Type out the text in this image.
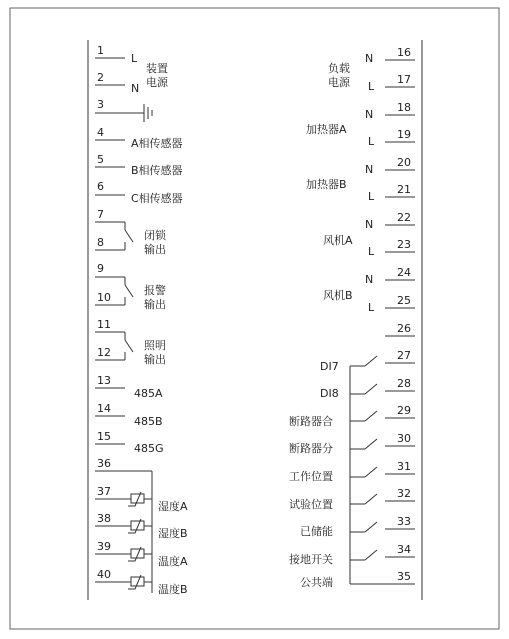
1
2
3
4
5
6
7
8
9
10
11
12
13
14
15
36
37
38
39
40
L
N
装置
电源
A相传感器
B相传感器
C相传感器
闭锁
输出
报警
输出
照明
输出
485A
485B
485G
湿度A
湿度B
温度A
温度B
16
17
18
19
20
21
22
23
24
25
26
27
28
29
30
31
32
33
34
35
N
L
N
L
N
L
N
L
N
L
负载
电源
加热器A
加热器B
风机A
风机B
DI7
DI8
断路器合
断路器分
工作位置
试验位置
已储能
接地开关
公共端
